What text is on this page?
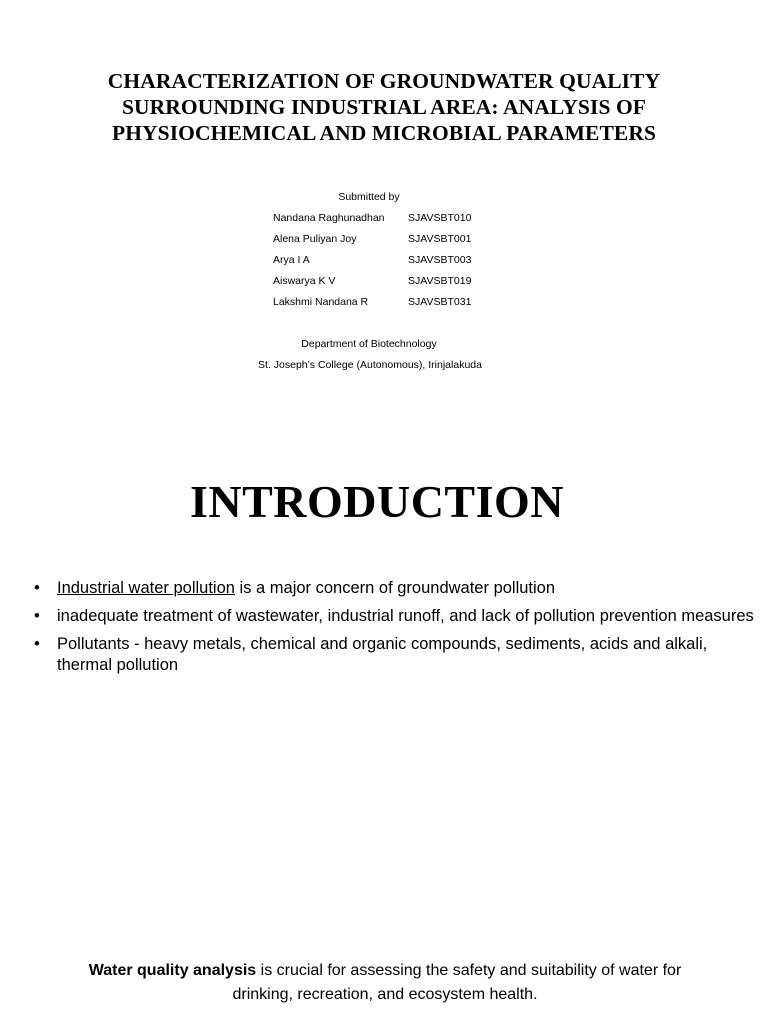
CHARACTERIZATION OF GROUNDWATER QUALITY
SURROUNDING INDUSTRIAL AREA: ANALYSIS OF
PHYSIOCHEMICAL AND MICROBIAL PARAMETERS
Submitted by
Nandana Raghunadhan	SJAVSBT010
Alena Puliyan Joy	SJAVSBT001
Arya I A	SJAVSBT003
Aiswarya K V	SJAVSBT019
Lakshmi Nandana R	SJAVSBT031
Department of Biotechnology
St. Joseph’s College (Autonomous), Irinjalakuda
INTRODUCTION
• Industrial water pollution is a major concern of groundwater pollution
• inadequate treatment of wastewater, industrial runoff, and lack of pollution prevention measures
• Pollutants - heavy metals, chemical and organic compounds, sediments, acids and alkali, thermal pollution
Water quality analysis is crucial for assessing the safety and suitability of water for drinking, recreation, and ecosystem health.
